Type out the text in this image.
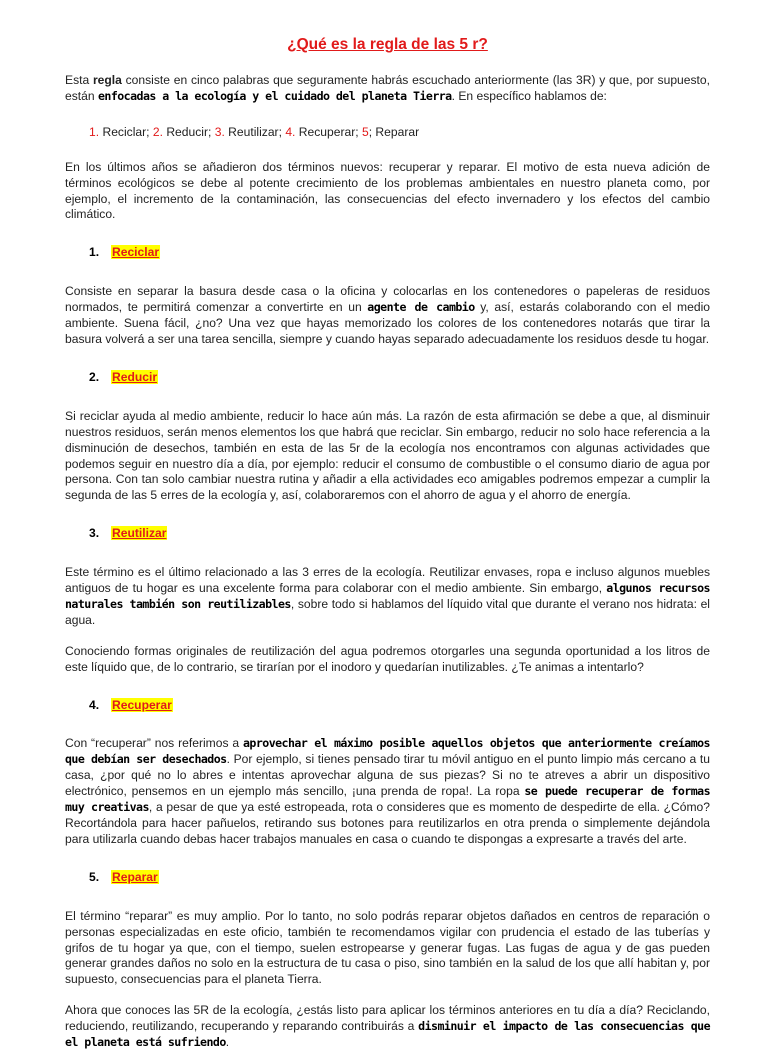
¿Qué es la regla de las 5 r?

Esta regla consiste en cinco palabras que seguramente habrás escuchado anteriormente (las 3R) y que, por supuesto, están enfocadas a la ecología y el cuidado del planeta Tierra. En específico hablamos de:

1. Reciclar; 2. Reducir; 3. Reutilizar; 4. Recuperar; 5; Reparar

En los últimos años se añadieron dos términos nuevos: recuperar y reparar. El motivo de esta nueva adición de términos ecológicos se debe al potente crecimiento de los problemas ambientales en nuestro planeta como, por ejemplo, el incremento de la contaminación, las consecuencias del efecto invernadero y los efectos del cambio climático.

1. Reciclar

Consiste en separar la basura desde casa o la oficina y colocarlas en los contenedores o papeleras de residuos normados, te permitirá comenzar a convertirte en un agente de cambio y, así, estarás colaborando con el medio ambiente. Suena fácil, ¿no? Una vez que hayas memorizado los colores de los contenedores notarás que tirar la basura volverá a ser una tarea sencilla, siempre y cuando hayas separado adecuadamente los residuos desde tu hogar.

2. Reducir

Si reciclar ayuda al medio ambiente, reducir lo hace aún más. La razón de esta afirmación se debe a que, al disminuir nuestros residuos, serán menos elementos los que habrá que reciclar. Sin embargo, reducir no solo hace referencia a la disminución de desechos, también en esta de las 5r de la ecología nos encontramos con algunas actividades que podemos seguir en nuestro día a día, por ejemplo: reducir el consumo de combustible o el consumo diario de agua por persona. Con tan solo cambiar nuestra rutina y añadir a ella actividades eco amigables podremos empezar a cumplir la segunda de las 5 erres de la ecología y, así, colaboraremos con el ahorro de agua y el ahorro de energía.

3. Reutilizar

Este término es el último relacionado a las 3 erres de la ecología. Reutilizar envases, ropa e incluso algunos muebles antiguos de tu hogar es una excelente forma para colaborar con el medio ambiente. Sin embargo, algunos recursos naturales también son reutilizables, sobre todo si hablamos del líquido vital que durante el verano nos hidrata: el agua.

Conociendo formas originales de reutilización del agua podremos otorgarles una segunda oportunidad a los litros de este líquido que, de lo contrario, se tirarían por el inodoro y quedarían inutilizables. ¿Te animas a intentarlo?

4. Recuperar

Con “recuperar” nos referimos a aprovechar el máximo posible aquellos objetos que anteriormente creíamos que debían ser desechados. Por ejemplo, si tienes pensado tirar tu móvil antiguo en el punto limpio más cercano a tu casa, ¿por qué no lo abres e intentas aprovechar alguna de sus piezas? Si no te atreves a abrir un dispositivo electrónico, pensemos en un ejemplo más sencillo, ¡una prenda de ropa!. La ropa se puede recuperar de formas muy creativas, a pesar de que ya esté estropeada, rota o consideres que es momento de despedirte de ella. ¿Cómo? Recortándola para hacer pañuelos, retirando sus botones para reutilizarlos en otra prenda o simplemente dejándola para utilizarla cuando debas hacer trabajos manuales en casa o cuando te dispongas a expresarte a través del arte.

5. Reparar

El término “reparar” es muy amplio. Por lo tanto, no solo podrás reparar objetos dañados en centros de reparación o personas especializadas en este oficio, también te recomendamos vigilar con prudencia el estado de las tuberías y grifos de tu hogar ya que, con el tiempo, suelen estropearse y generar fugas. Las fugas de agua y de gas pueden generar grandes daños no solo en la estructura de tu casa o piso, sino también en la salud de los que allí habitan y, por supuesto, consecuencias para el planeta Tierra.

Ahora que conoces las 5R de la ecología, ¿estás listo para aplicar los términos anteriores en tu día a día? Reciclando, reduciendo, reutilizando, recuperando y reparando contribuirás a disminuir el impacto de las consecuencias que el planeta está sufriendo.
